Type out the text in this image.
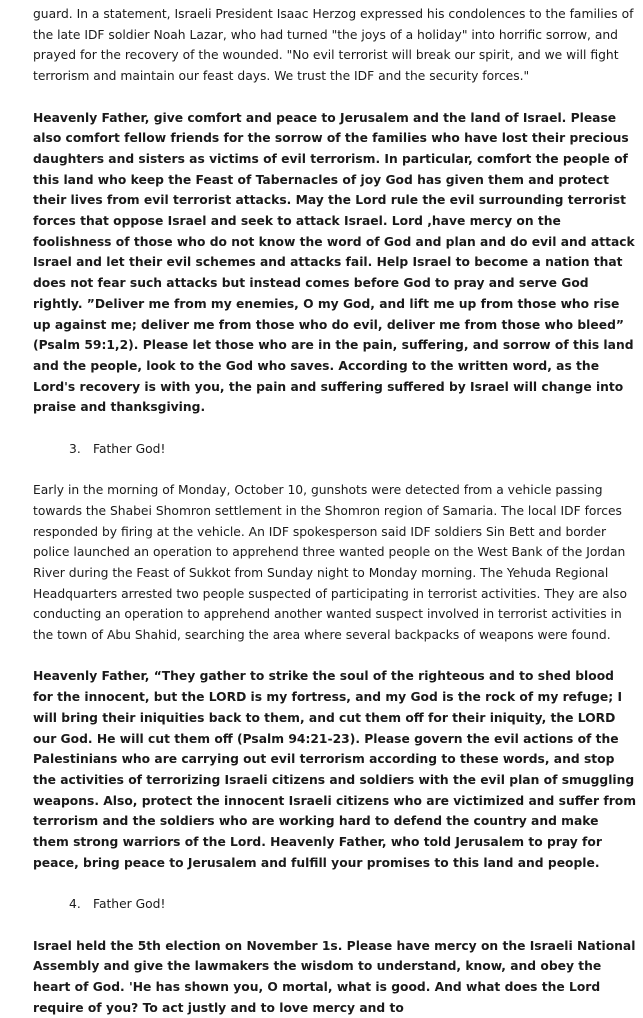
guard. In a statement, Israeli President Isaac Herzog expressed his condolences to the families of the late IDF soldier Noah Lazar, who had turned "the joys of a holiday" into horrific sorrow, and prayed for the recovery of the wounded. "No evil terrorist will break our spirit, and we will fight terrorism and maintain our feast days. We trust the IDF and the security forces."

Heavenly Father, give comfort and peace to Jerusalem and the land of Israel. Please also comfort fellow friends for the sorrow of the families who have lost their precious daughters and sisters as victims of evil terrorism. In particular, comfort the people of this land who keep the Feast of Tabernacles of joy God has given them and protect their lives from evil terrorist attacks. May the Lord rule the evil surrounding terrorist forces that oppose Israel and seek to attack Israel. Lord ,have mercy on the foolishness of those who do not know the word of God and plan and do evil and attack Israel and let their evil schemes and attacks fail. Help Israel to become a nation that does not fear such attacks but instead comes before God to pray and serve God rightly. ”Deliver me from my enemies, O my God, and lift me up from those who rise up against me; deliver me from those who do evil, deliver me from those who bleed” (Psalm 59:1,2). Please let those who are in the pain, suffering, and sorrow of this land and the people, look to the God who saves. According to the written word, as the Lord's recovery is with you, the pain and suffering suffered by Israel will change into praise and thanksgiving.

3. Father God!

Early in the morning of Monday, October 10, gunshots were detected from a vehicle passing towards the Shabei Shomron settlement in the Shomron region of Samaria. The local IDF forces responded by firing at the vehicle. An IDF spokesperson said IDF soldiers Sin Bett and border police launched an operation to apprehend three wanted people on the West Bank of the Jordan River during the Feast of Sukkot from Sunday night to Monday morning. The Yehuda Regional Headquarters arrested two people suspected of participating in terrorist activities. They are also conducting an operation to apprehend another wanted suspect involved in terrorist activities in the town of Abu Shahid, searching the area where several backpacks of weapons were found.

Heavenly Father, “They gather to strike the soul of the righteous and to shed blood for the innocent, but the LORD is my fortress, and my God is the rock of my refuge; I will bring their iniquities back to them, and cut them off for their iniquity, the LORD our God. He will cut them off (Psalm 94:21-23). Please govern the evil actions of the Palestinians who are carrying out evil terrorism according to these words, and stop the activities of terrorizing Israeli citizens and soldiers with the evil plan of smuggling weapons. Also, protect the innocent Israeli citizens who are victimized and suffer from terrorism and the soldiers who are working hard to defend the country and make them strong warriors of the Lord. Heavenly Father, who told Jerusalem to pray for peace, bring peace to Jerusalem and fulfill your promises to this land and people.

4. Father God!

Israel held the 5th election on November 1s. Please have mercy on the Israeli National Assembly and give the lawmakers the wisdom to understand, know, and obey the heart of God. 'He has shown you, O mortal, what is good. And what does the Lord require of you? To act justly and to love mercy and to
